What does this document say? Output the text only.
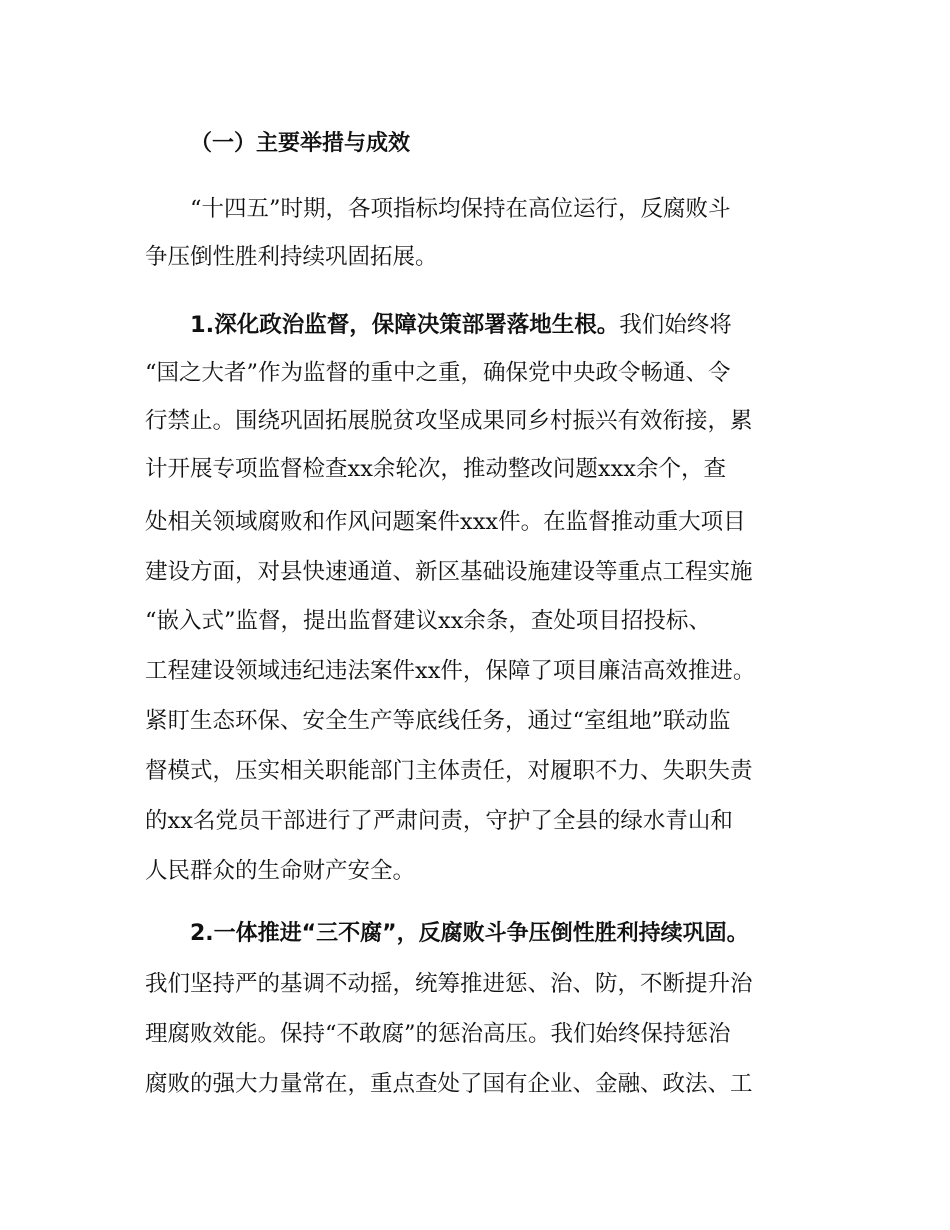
（一）主要举措与成效
“十四五”时期，各项指标均保持在高位运行，反腐败斗
争压倒性胜利持续巩固拓展。
1.深化政治监督，保障决策部署落地生根。我们始终将
“国之大者”作为监督的重中之重，确保党中央政令畅通、令
行禁止。围绕巩固拓展脱贫攻坚成果同乡村振兴有效衔接，累
计开展专项监督检查xx余轮次，推动整改问题xxx余个，查
处相关领域腐败和作风问题案件xxx件。在监督推动重大项目
建设方面，对县快速通道、新区基础设施建设等重点工程实施
“嵌入式”监督，提出监督建议xx余条，查处项目招投标、
工程建设领域违纪违法案件xx件，保障了项目廉洁高效推进。
紧盯生态环保、安全生产等底线任务，通过“室组地”联动监
督模式，压实相关职能部门主体责任，对履职不力、失职失责
的xx名党员干部进行了严肃问责，守护了全县的绿水青山和
人民群众的生命财产安全。
2.一体推进“三不腐”，反腐败斗争压倒性胜利持续巩固。
我们坚持严的基调不动摇，统筹推进惩、治、防，不断提升治
理腐败效能。保持“不敢腐”的惩治高压。我们始终保持惩治
腐败的强大力量常在，重点查处了国有企业、金融、政法、工
